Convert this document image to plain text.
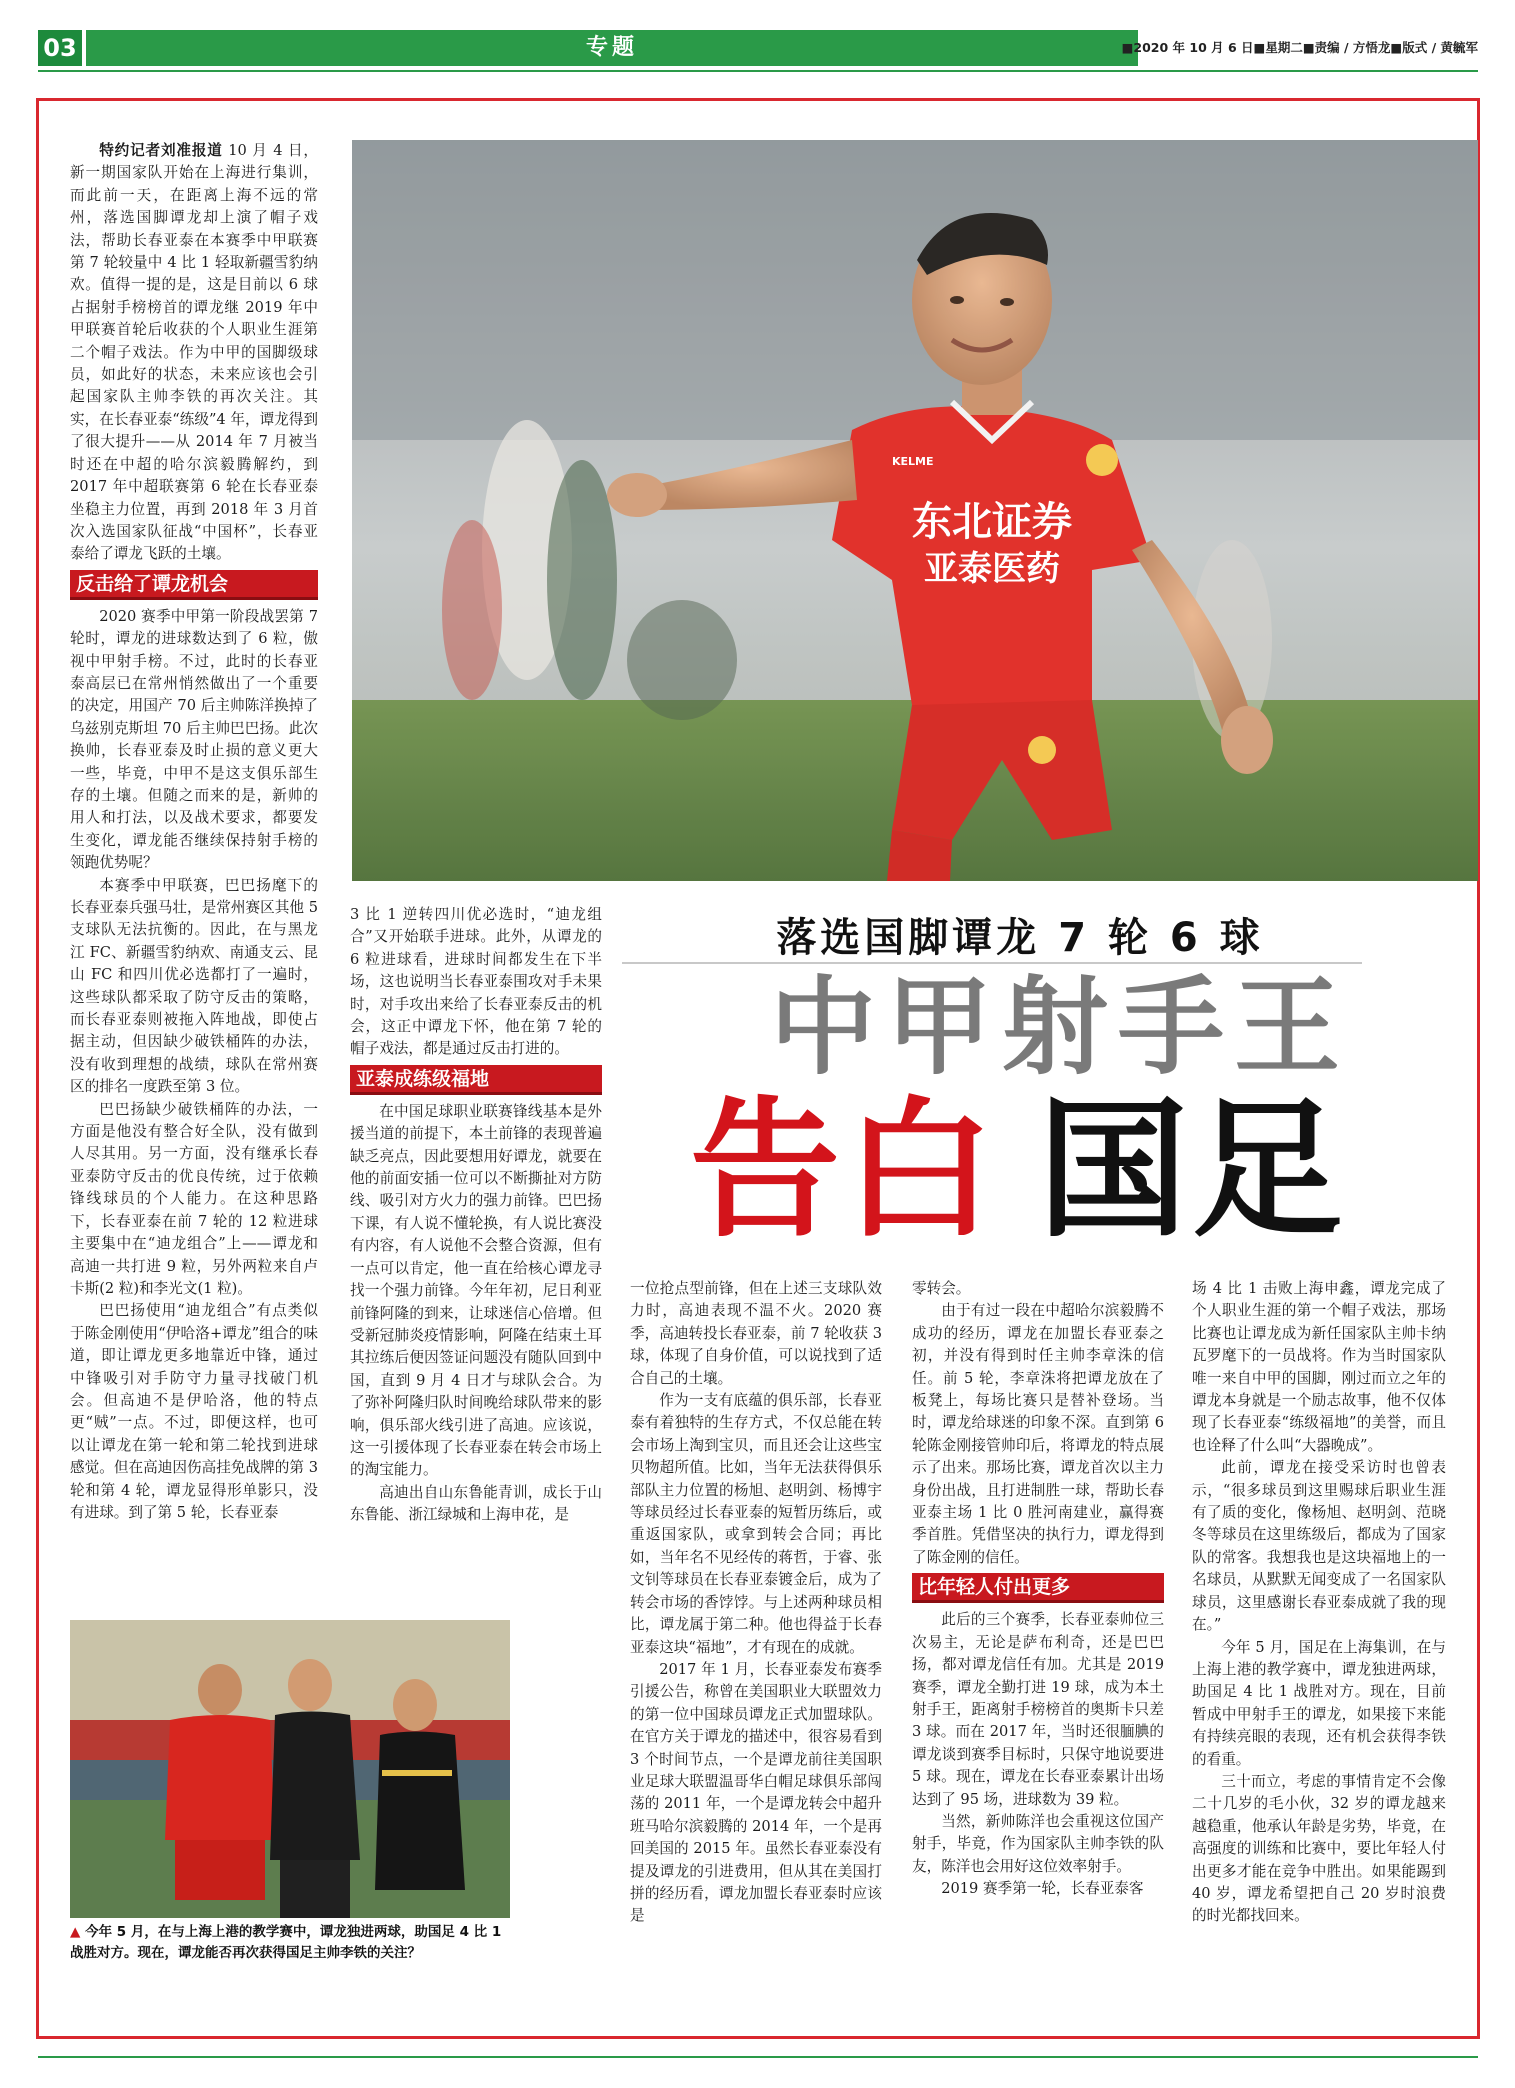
03	专题	■2020 年 10 月 6 日■星期二■责编 / 方悟龙■版式 / 黄毓军

特约记者刘准报道 10 月 4 日，新一期国家队开始在上海进行集训，而此前一天，在距离上海不远的常州，落选国脚谭龙却上演了帽子戏法，帮助长春亚泰在本赛季中甲联赛第 7 轮较量中 4 比 1 轻取新疆雪豹纳欢。值得一提的是，这是目前以 6 球占据射手榜榜首的谭龙继 2019 年中甲联赛首轮后收获的个人职业生涯第二个帽子戏法。作为中甲的国脚级球员，如此好的状态，未来应该也会引起国家队主帅李铁的再次关注。其实，在长春亚泰“练级”4 年，谭龙得到了很大提升——从 2014 年 7 月被当时还在中超的哈尔滨毅腾解约，到 2017 年中超联赛第 6 轮在长春亚泰坐稳主力位置，再到 2018 年 3 月首次入选国家队征战“中国杯”，长春亚泰给了谭龙飞跃的土壤。

反击给了谭龙机会

2020 赛季中甲第一阶段战罢第 7 轮时，谭龙的进球数达到了 6 粒，傲视中甲射手榜。不过，此时的长春亚泰高层已在常州悄然做出了一个重要的决定，用国产 70 后主帅陈洋换掉了乌兹别克斯坦 70 后主帅巴巴扬。此次换帅，长春亚泰及时止损的意义更大一些，毕竟，中甲不是这支俱乐部生存的土壤。但随之而来的是，新帅的用人和打法，以及战术要求，都要发生变化，谭龙能否继续保持射手榜的领跑优势呢？

本赛季中甲联赛，巴巴扬麾下的长春亚泰兵强马壮，是常州赛区其他 5 支球队无法抗衡的。因此，在与黑龙江 FC、新疆雪豹纳欢、南通支云、昆山 FC 和四川优必选都打了一遍时，这些球队都采取了防守反击的策略，而长春亚泰则被拖入阵地战，即使占据主动，但因缺少破铁桶阵的办法，没有收到理想的战绩，球队在常州赛区的排名一度跌至第 3 位。

巴巴扬缺少破铁桶阵的办法，一方面是他没有整合好全队，没有做到人尽其用。另一方面，没有继承长春亚泰防守反击的优良传统，过于依赖锋线球员的个人能力。在这种思路下，长春亚泰在前 7 轮的 12 粒进球主要集中在“迪龙组合”上——谭龙和高迪一共打进 9 粒，另外两粒来自卢卡斯(2 粒)和李光文(1 粒)。

巴巴扬使用“迪龙组合”有点类似于陈金刚使用“伊哈洛+谭龙”组合的味道，即让谭龙更多地靠近中锋，通过中锋吸引对手防守力量寻找破门机会。但高迪不是伊哈洛，他的特点更“贼”一点。不过，即便这样，也可以让谭龙在第一轮和第二轮找到进球感觉。但在高迪因伤高挂免战牌的第 3 轮和第 4 轮，谭龙显得形单影只，没有进球。到了第 5 轮，长春亚泰

东北证券
亚泰医药
KELME
落选国脚谭龙 7 轮 6 球
中甲射手王
告白 国足

3 比 1 逆转四川优必选时，“迪龙组合”又开始联手进球。此外，从谭龙的 6 粒进球看，进球时间都发生在下半场，这也说明当长春亚泰围攻对手未果时，对手攻出来给了长春亚泰反击的机会，这正中谭龙下怀，他在第 7 轮的帽子戏法，都是通过反击打进的。

亚泰成练级福地

在中国足球职业联赛锋线基本是外援当道的前提下，本土前锋的表现普遍缺乏亮点，因此要想用好谭龙，就要在他的前面安插一位可以不断撕扯对方防线、吸引对方火力的强力前锋。巴巴扬下课，有人说不懂轮换，有人说比赛没有内容，有人说他不会整合资源，但有一点可以肯定，他一直在给核心谭龙寻找一个强力前锋。今年年初，尼日利亚前锋阿隆的到来，让球迷信心倍增。但受新冠肺炎疫情影响，阿隆在结束土耳其拉练后便因签证问题没有随队回到中国，直到 9 月 4 日才与球队会合。为了弥补阿隆归队时间晚给球队带来的影响，俱乐部火线引进了高迪。应该说，这一引援体现了长春亚泰在转会市场上的淘宝能力。

高迪出自山东鲁能青训，成长于山东鲁能、浙江绿城和上海申花，是

▲ 今年 5 月，在与上海上港的教学赛中，谭龙独进两球，助国足 4 比 1 战胜对方。现在，谭龙能否再次获得国足主帅李铁的关注？

一位抢点型前锋，但在上述三支球队效力时，高迪表现不温不火。2020 赛季，高迪转投长春亚泰，前 7 轮收获 3 球，体现了自身价值，可以说找到了适合自己的土壤。

作为一支有底蕴的俱乐部，长春亚泰有着独特的生存方式，不仅总能在转会市场上淘到宝贝，而且还会让这些宝贝物超所值。比如，当年无法获得俱乐部队主力位置的杨旭、赵明剑、杨博宇等球员经过长春亚泰的短暂历练后，或重返国家队，或拿到转会合同；再比如，当年名不见经传的蒋哲，于睿、张文钊等球员在长春亚泰镀金后，成为了转会市场的香饽饽。与上述两种球员相比，谭龙属于第二种。他也得益于长春亚泰这块“福地”，才有现在的成就。

2017 年 1 月，长春亚泰发布赛季引援公告，称曾在美国职业大联盟效力的第一位中国球员谭龙正式加盟球队。在官方关于谭龙的描述中，很容易看到 3 个时间节点，一个是谭龙前往美国职业足球大联盟温哥华白帽足球俱乐部闯荡的 2011 年，一个是谭龙转会中超升班马哈尔滨毅腾的 2014 年，一个是再回美国的 2015 年。虽然长春亚泰没有提及谭龙的引进费用，但从其在美国打拼的经历看，谭龙加盟长春亚泰时应该是

零转会。

由于有过一段在中超哈尔滨毅腾不成功的经历，谭龙在加盟长春亚泰之初，并没有得到时任主帅李章洙的信任。前 5 轮，李章洙将把谭龙放在了板凳上，每场比赛只是替补登场。当时，谭龙给球迷的印象不深。直到第 6 轮陈金刚接管帅印后，将谭龙的特点展示了出来。那场比赛，谭龙首次以主力身份出战，且打进制胜一球，帮助长春亚泰主场 1 比 0 胜河南建业，赢得赛季首胜。凭借坚决的执行力，谭龙得到了陈金刚的信任。

比年轻人付出更多

此后的三个赛季，长春亚泰帅位三次易主，无论是萨布利奇，还是巴巴扬，都对谭龙信任有加。尤其是 2019 赛季，谭龙全勤打进 19 球，成为本土射手王，距离射手榜榜首的奥斯卡只差 3 球。而在 2017 年，当时还很腼腆的谭龙谈到赛季目标时，只保守地说要进 5 球。现在，谭龙在长春亚泰累计出场达到了 95 场，进球数为 39 粒。

当然，新帅陈洋也会重视这位国产射手，毕竟，作为国家队主帅李铁的队友，陈洋也会用好这位效率射手。

2019 赛季第一轮，长春亚泰客

场 4 比 1 击败上海申鑫，谭龙完成了个人职业生涯的第一个帽子戏法，那场比赛也让谭龙成为新任国家队主帅卡纳瓦罗麾下的一员战将。作为当时国家队唯一来自中甲的国脚，刚过而立之年的谭龙本身就是一个励志故事，他不仅体现了长春亚泰“练级福地”的美誉，而且也诠释了什么叫“大器晚成”。

此前，谭龙在接受采访时也曾表示，“很多球员到这里赐球后职业生涯有了质的变化，像杨旭、赵明剑、范晓冬等球员在这里练级后，都成为了国家队的常客。我想我也是这块福地上的一名球员，从默默无闻变成了一名国家队球员，这里感谢长春亚泰成就了我的现在。”

今年 5 月，国足在上海集训，在与上海上港的教学赛中，谭龙独进两球，助国足 4 比 1 战胜对方。现在，目前暂成中甲射手王的谭龙，如果接下来能有持续亮眼的表现，还有机会获得李铁的看重。

三十而立，考虑的事情肯定不会像二十几岁的毛小伙，32 岁的谭龙越来越稳重，他承认年龄是劣势，毕竟，在高强度的训练和比赛中，要比年轻人付出更多才能在竞争中胜出。如果能踢到 40 岁，谭龙希望把自己 20 岁时浪费的时光都找回来。
